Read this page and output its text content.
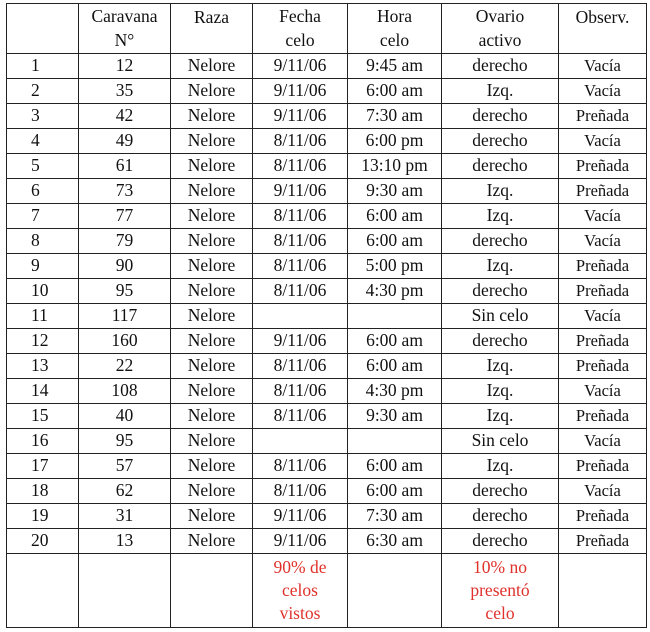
	Caravana N°	Raza	Fecha celo	Hora celo	Ovario activo	Observ.
1	12	Nelore	9/11/06	9:45 am	derecho	Vacía
2	35	Nelore	9/11/06	6:00 am	Izq.	Vacía
3	42	Nelore	9/11/06	7:30 am	derecho	Preñada
4	49	Nelore	8/11/06	6:00 pm	derecho	Vacía
5	61	Nelore	8/11/06	13:10 pm	derecho	Preñada
6	73	Nelore	9/11/06	9:30 am	Izq.	Preñada
7	77	Nelore	8/11/06	6:00 am	Izq.	Vacía
8	79	Nelore	8/11/06	6:00 am	derecho	Vacía
9	90	Nelore	8/11/06	5:00 pm	Izq.	Preñada
10	95	Nelore	8/11/06	4:30 pm	derecho	Preñada
11	117	Nelore			Sin celo	Vacía
12	160	Nelore	9/11/06	6:00 am	derecho	Preñada
13	22	Nelore	8/11/06	6:00 am	Izq.	Preñada
14	108	Nelore	8/11/06	4:30 pm	Izq.	Vacía
15	40	Nelore	8/11/06	9:30 am	Izq.	Preñada
16	95	Nelore			Sin celo	Vacía
17	57	Nelore	8/11/06	6:00 am	Izq.	Preñada
18	62	Nelore	8/11/06	6:00 am	derecho	Vacía
19	31	Nelore	9/11/06	7:30 am	derecho	Preñada
20	13	Nelore	9/11/06	6:30 am	derecho	Preñada
			90% de celos vistos		10% no presentó celo	
